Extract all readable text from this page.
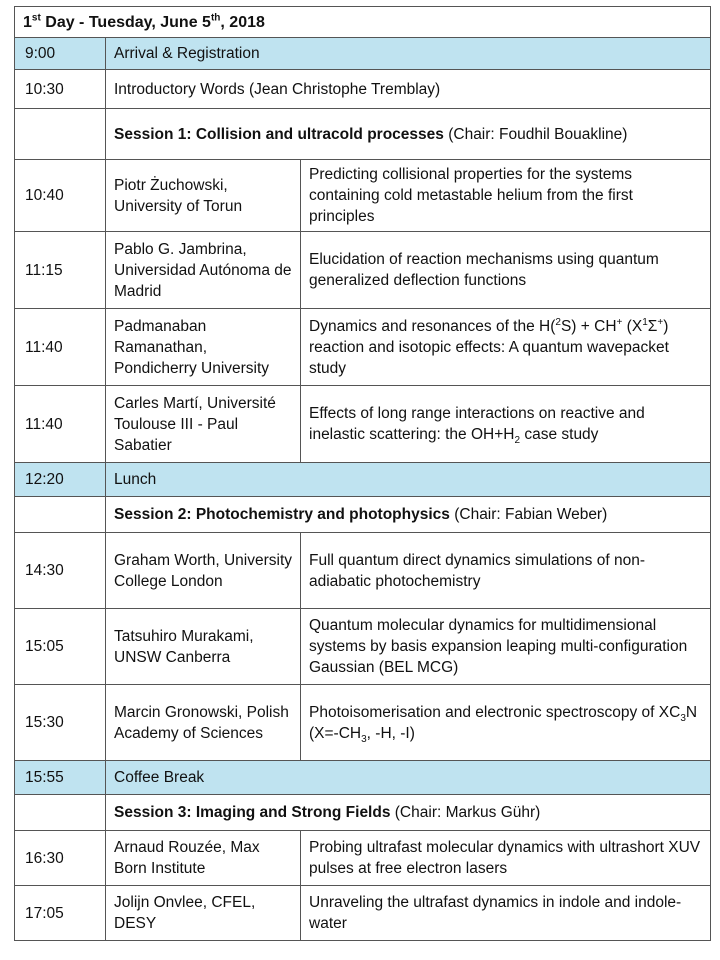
1st Day - Tuesday, June 5th, 2018		
9:00	Arrival & Registration	
10:30	Introductory Words (Jean Christophe Tremblay)	
	Session 1: Collision and ultracold processes (Chair: Foudhil Bouakline)	
10:40	Piotr Żuchowski, University of Torun	Predicting collisional properties for the systems containing cold metastable helium from the first principles
11:15	Pablo G. Jambrina, Universidad Autónoma de Madrid	Elucidation of reaction mechanisms using quantum generalized deflection functions
11:40	Padmanaban Ramanathan, Pondicherry University	Dynamics and resonances of the H($^2$S) + CH+ $(X^1\Sigma^+)$ reaction and isotopic effects: A quantum wavepacket study
11:40	Carles Martí, Université Toulouse III - Paul Sabatier	Effects of long range interactions on reactive and inelastic scattering: the $OH+H_2$ case study
12:20	Lunch	
	Session 2: Photochemistry and photophysics (Chair: Fabian Weber)	
14:30	Graham Worth, University College London	Full quantum direct dynamics simulations of non-adiabatic photochemistry
15:05	Tatsuhiro Murakami, UNSW Canberra	Quantum molecular dynamics for multidimensional systems by basis expansion leaping multi-configuration Gaussian (BEL MCG)
15:30	Marcin Gronowski, Polish Academy of Sciences	Photoisomerisation and electronic spectroscopy of $XC_3N$ ($X=-CH_3$, -H, -I)
15:55	Coffee Break	
	Session 3: Imaging and Strong Fields (Chair: Markus Gühr)	
16:30	Arnaud Rouzée, Max Born Institute	Probing ultrafast molecular dynamics with ultrashort XUV pulses at free electron lasers
17:05	Jolijn Onvlee, CFEL, DESY	Unraveling the ultrafast dynamics in indole and indole-water
